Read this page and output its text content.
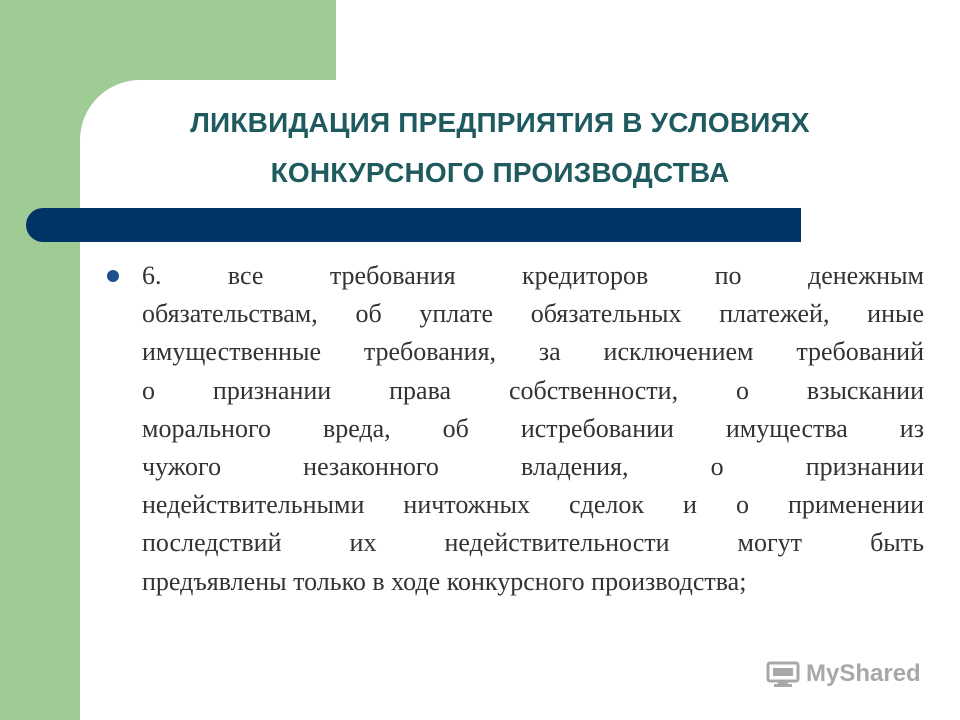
ЛИКВИДАЦИЯ ПРЕДПРИЯТИЯ В УСЛОВИЯХ
КОНКУРСНОГО ПРОИЗВОДСТВА
6. все требования кредиторов по денежным
обязательствам, об уплате обязательных платежей, иные
имущественные требования, за исключением требований
о признании права собственности, о взыскании
морального вреда, об истребовании имущества из
чужого незаконного владения, о признании
недействительными ничтожных сделок и о применении
последствий их недействительности могут быть
предъявлены только в ходе конкурсного производства;
MyShared
